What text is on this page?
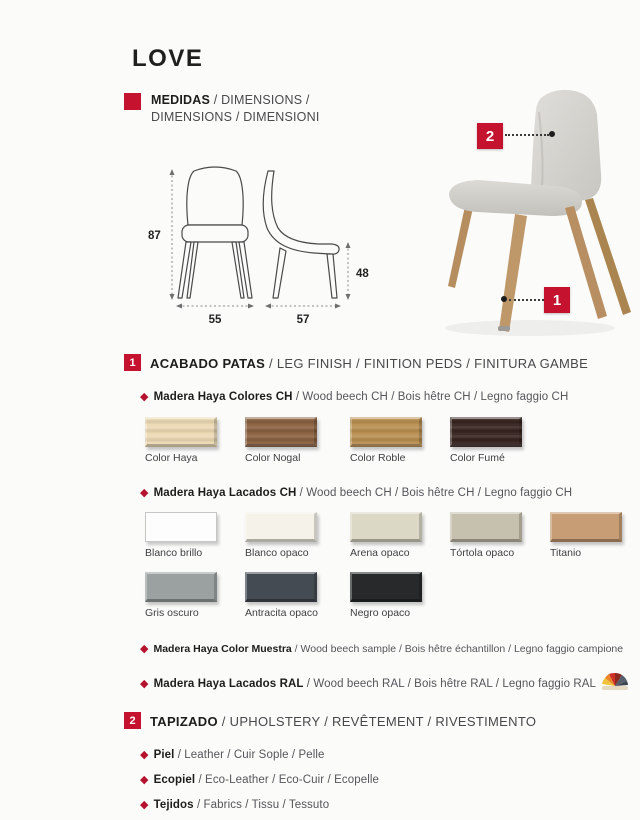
LOVE
MEDIDAS / DIMENSIONS /
DIMENSIONS / DIMENSIONI
87
55	57
48
2
1
1	ACABADO PATAS / LEG FINISH / FINITION PEDS / FINITURA GAMBE
◆ Madera Haya Colores CH / Wood beech CH / Bois hêtre CH / Legno faggio CH
Color Haya	Color Nogal	Color Roble	Color Fumé
◆ Madera Haya Lacados CH / Wood beech CH / Bois hêtre CH / Legno faggio CH
Blanco brillo	Blanco opaco	Arena opaco	Tórtola opaco	Titanio
Gris oscuro	Antracita opaco	Negro opaco
◆ Madera Haya Color Muestra / Wood beech sample / Bois hêtre échantillon / Legno faggio campione
◆ Madera Haya Lacados RAL / Wood beech RAL / Bois hêtre RAL / Legno faggio RAL
2	TAPIZADO / UPHOLSTERY / REVÊTEMENT / RIVESTIMENTO
◆ Piel / Leather / Cuir Sople / Pelle
◆ Ecopiel / Eco-Leather / Eco-Cuir / Ecopelle
◆ Tejidos / Fabrics / Tissu / Tessuto
